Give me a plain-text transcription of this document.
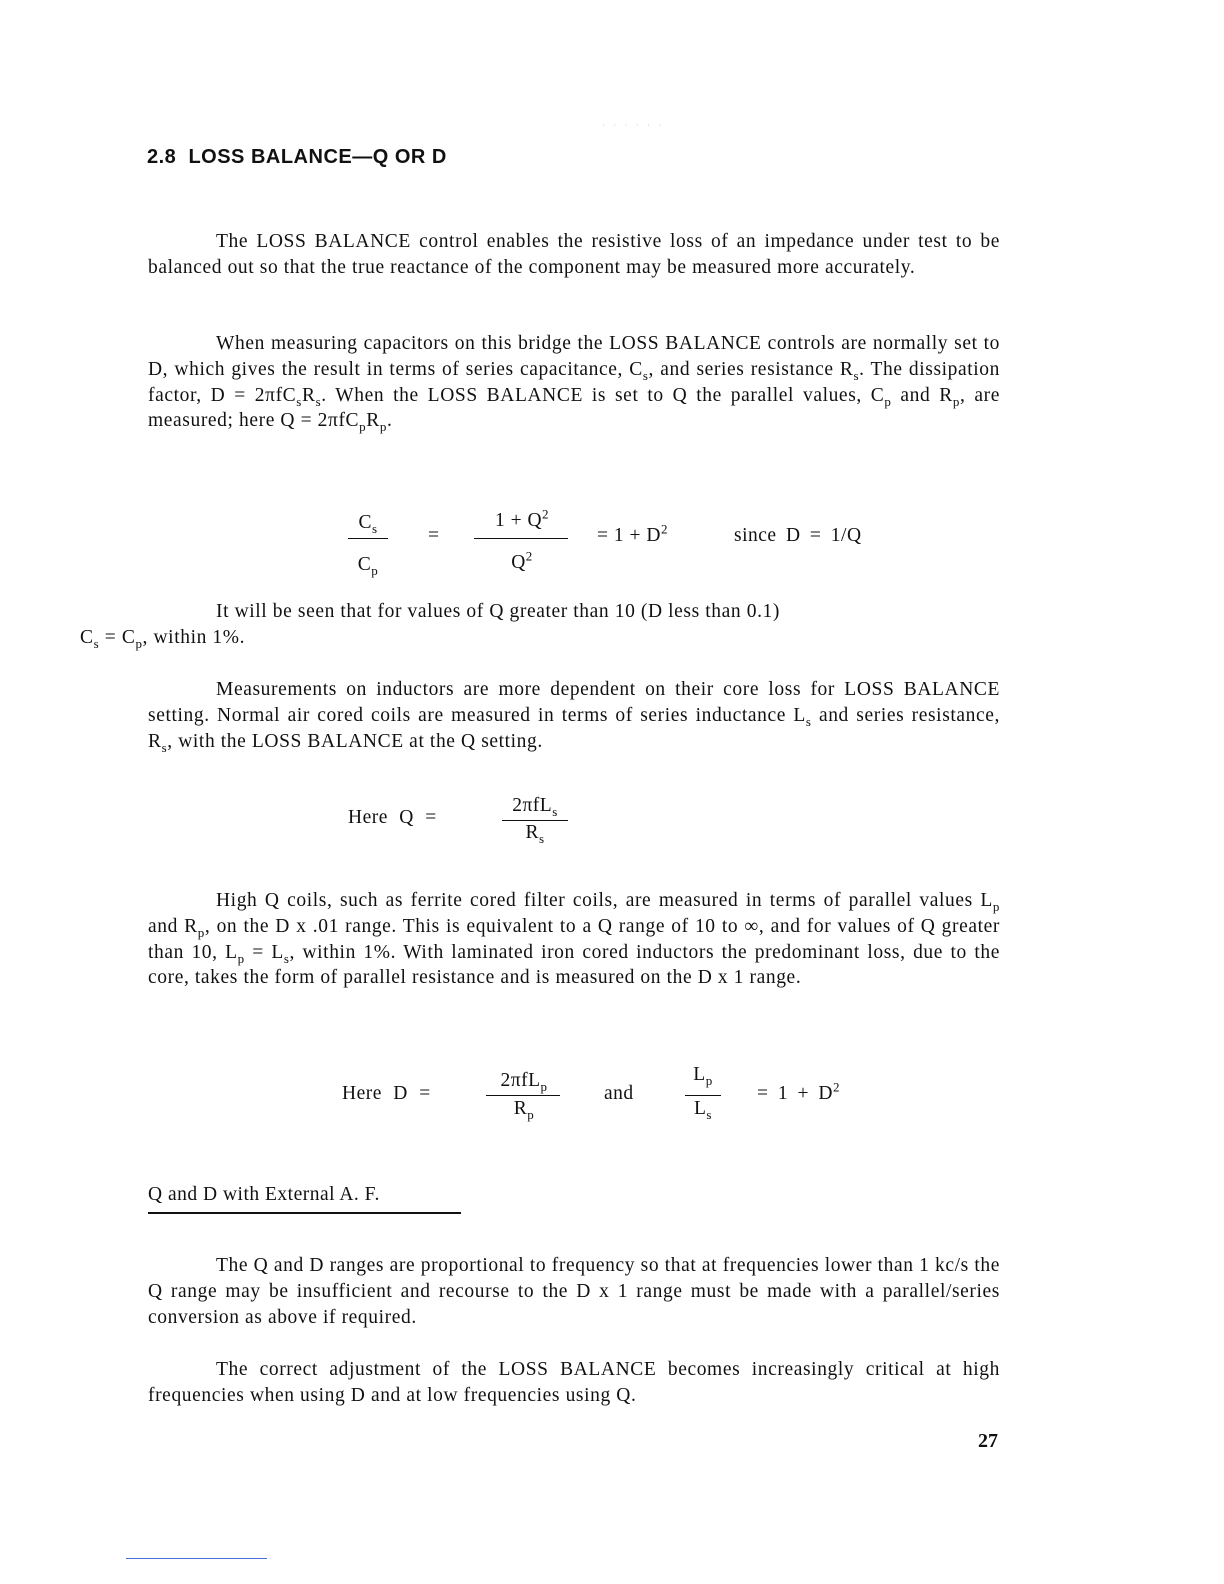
· · · · · ·
2.8 LOSS BALANCE—Q OR D

The LOSS BALANCE control enables the resistive loss of an impedance under test to be balanced out so that the true reactance of the component may be measured more accurately.

When measuring capacitors on this bridge the LOSS BALANCE controls are normally set to D, which gives the result in terms of series capacitance, $C_s$, and series resistance $R_s$. The dissipation factor, $D = 2\pi fC_sR_s$. When the LOSS BALANCE is set to Q the parallel values, $C_p$ and $R_p$, are measured; here $Q = 2\pi fC_pR_p$.

$C_s$
$C_p$
=
$1 + Q^2$
$Q^2$
= $1 + D^2$	since D = 1/Q

It will be seen that for values of Q greater than 10 (D less than 0.1)
$C_s = C_p$, within 1%.

Measurements on inductors are more dependent on their core loss for LOSS BALANCE setting. Normal air cored coils are measured in terms of series inductance $L_s$ and series resistance, $R_s$, with the LOSS BALANCE at the Q setting.

Here Q =
2πfL$_s$
$R_s$

High Q coils, such as ferrite cored filter coils, are measured in terms of parallel values $L_p$ and $R_p$, on the D x .01 range. This is equivalent to a Q range of 10 to ∞, and for values of Q greater than 10, $L_p = L_s$, within 1%. With laminated iron cored inductors the predominant loss, due to the core, takes the form of parallel resistance and is measured on the D x 1 range.

Here D =
2πfL$_p$
$R_p$
and
$L_p$
$L_s$
= $1 + D^2$
Q and D with External A. F.

The Q and D ranges are proportional to frequency so that at frequencies lower than 1 kc/s the Q range may be insufficient and recourse to the D x 1 range must be made with a parallel/series conversion as above if required.

The correct adjustment of the LOSS BALANCE becomes increasingly critical at high frequencies when using D and at low frequencies using Q.

27
